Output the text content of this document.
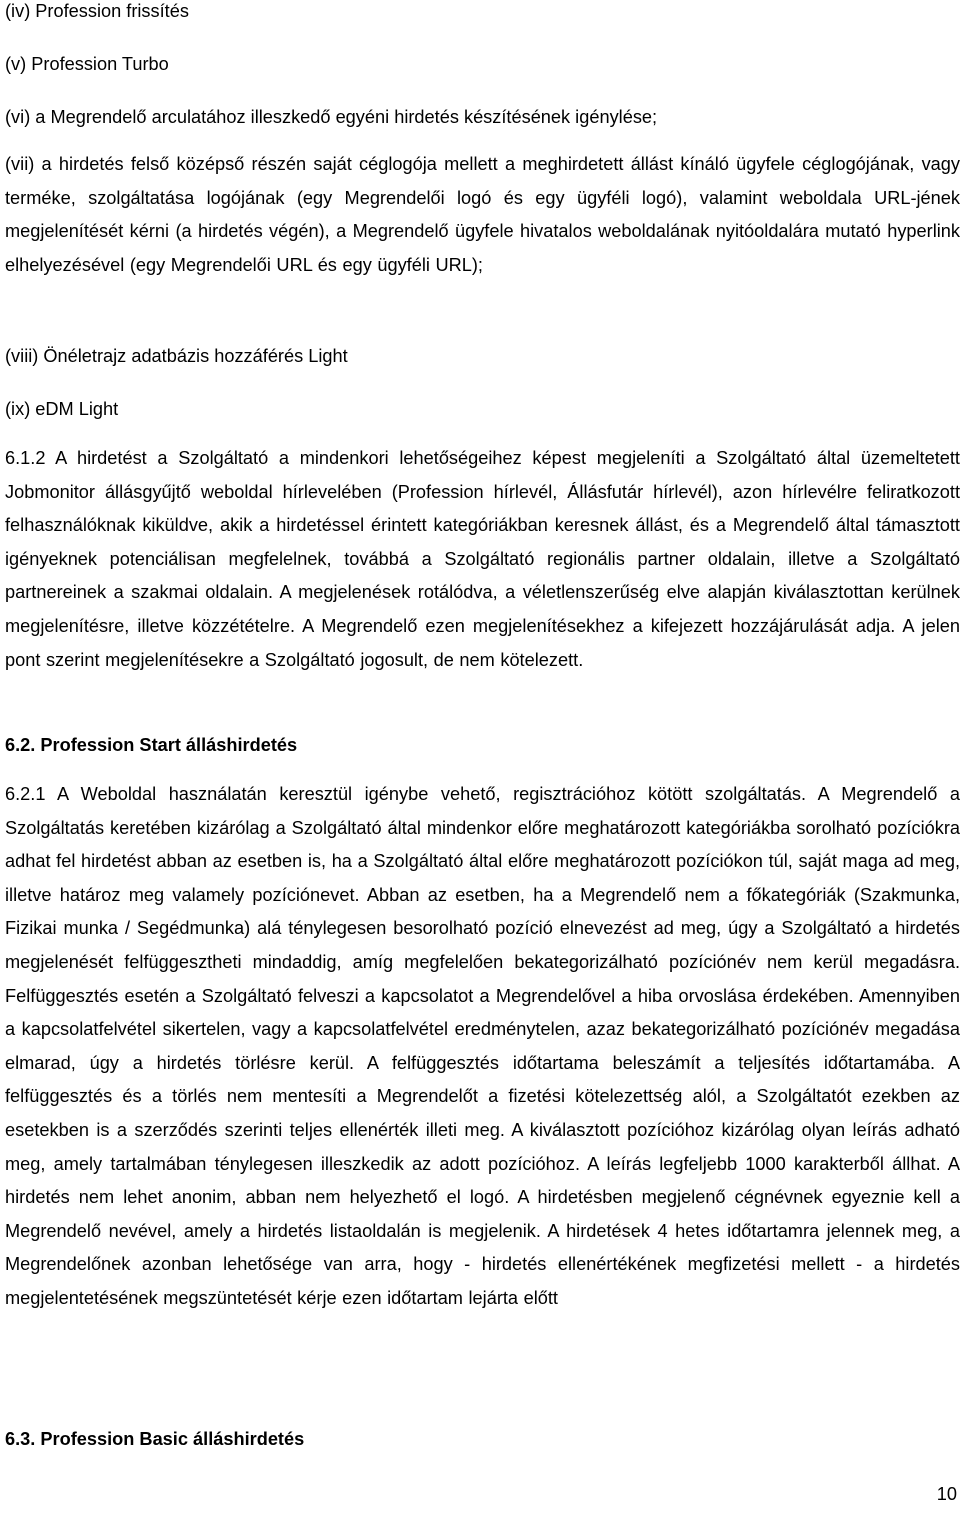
(iv) Profession frissítés

(v) Profession Turbo

(vi) a Megrendelő arculatához illeszkedő egyéni hirdetés készítésének igénylése;

(vii) a hirdetés felső középső részén saját céglogója mellett a meghirdetett állást kínáló ügyfele céglogójának, vagy terméke, szolgáltatása logójának (egy Megrendelői logó és egy ügyféli logó), valamint weboldala URL-jének megjelenítését kérni (a hirdetés végén), a Megrendelő ügyfele hivatalos weboldalának nyitóoldalára mutató hyperlink elhelyezésével (egy Megrendelői URL és egy ügyféli URL);

(viii) Önéletrajz adatbázis hozzáférés Light

(ix) eDM Light

6.1.2 A hirdetést a Szolgáltató a mindenkori lehetőségeihez képest megjeleníti a Szolgáltató által üzemeltetett Jobmonitor állásgyűjtő weboldal hírlevelében (Profession hírlevél, Állásfutár hírlevél), azon hírlevélre feliratkozott felhasználóknak kiküldve, akik a hirdetéssel érintett kategóriákban keresnek állást, és a Megrendelő által támasztott igényeknek potenciálisan megfelelnek, továbbá a Szolgáltató regionális partner oldalain, illetve a Szolgáltató partnereinek a szakmai oldalain. A megjelenések rotálódva, a véletlenszerűség elve alapján kiválasztottan kerülnek megjelenítésre, illetve közzétételre. A Megrendelő ezen megjelenítésekhez a kifejezett hozzájárulását adja. A jelen pont szerint megjelenítésekre a Szolgáltató jogosult, de nem kötelezett.

6.2. Profession Start álláshirdetés

6.2.1 A Weboldal használatán keresztül igénybe vehető, regisztrációhoz kötött szolgáltatás. A Megrendelő a Szolgáltatás keretében kizárólag a Szolgáltató által mindenkor előre meghatározott kategóriákba sorolható pozíciókra adhat fel hirdetést abban az esetben is, ha a Szolgáltató által előre meghatározott pozíciókon túl, saját maga ad meg, illetve határoz meg valamely pozíciónevet. Abban az esetben, ha a Megrendelő nem a főkategóriák (Szakmunka, Fizikai munka / Segédmunka) alá ténylegesen besorolható pozíció elnevezést ad meg, úgy a Szolgáltató a hirdetés megjelenését felfüggesztheti mindaddig, amíg megfelelően bekategorizálható pozíciónév nem kerül megadásra. Felfüggesztés esetén a Szolgáltató felveszi a kapcsolatot a Megrendelővel a hiba orvoslása érdekében. Amennyiben a kapcsolatfelvétel sikertelen, vagy a kapcsolatfelvétel eredménytelen, azaz bekategorizálható pozíciónév megadása elmarad, úgy a hirdetés törlésre kerül. A felfüggesztés időtartama beleszámít a teljesítés időtartamába. A felfüggesztés és a törlés nem mentesíti a Megrendelőt a fizetési kötelezettség alól, a Szolgáltatót ezekben az esetekben is a szerződés szerinti teljes ellenérték illeti meg. A kiválasztott pozícióhoz kizárólag olyan leírás adható meg, amely tartalmában ténylegesen illeszkedik az adott pozícióhoz. A leírás legfeljebb 1000 karakterből állhat. A hirdetés nem lehet anonim, abban nem helyezhető el logó. A hirdetésben megjelenő cégnévnek egyeznie kell a Megrendelő nevével, amely a hirdetés listaoldalán is megjelenik. A hirdetések 4 hetes időtartamra jelennek meg, a Megrendelőnek azonban lehetősége van arra, hogy - hirdetés ellenértékének megfizetési mellett - a hirdetés megjelentetésének megszüntetését kérje ezen időtartam lejárta előtt

6.3. Profession Basic álláshirdetés

10
